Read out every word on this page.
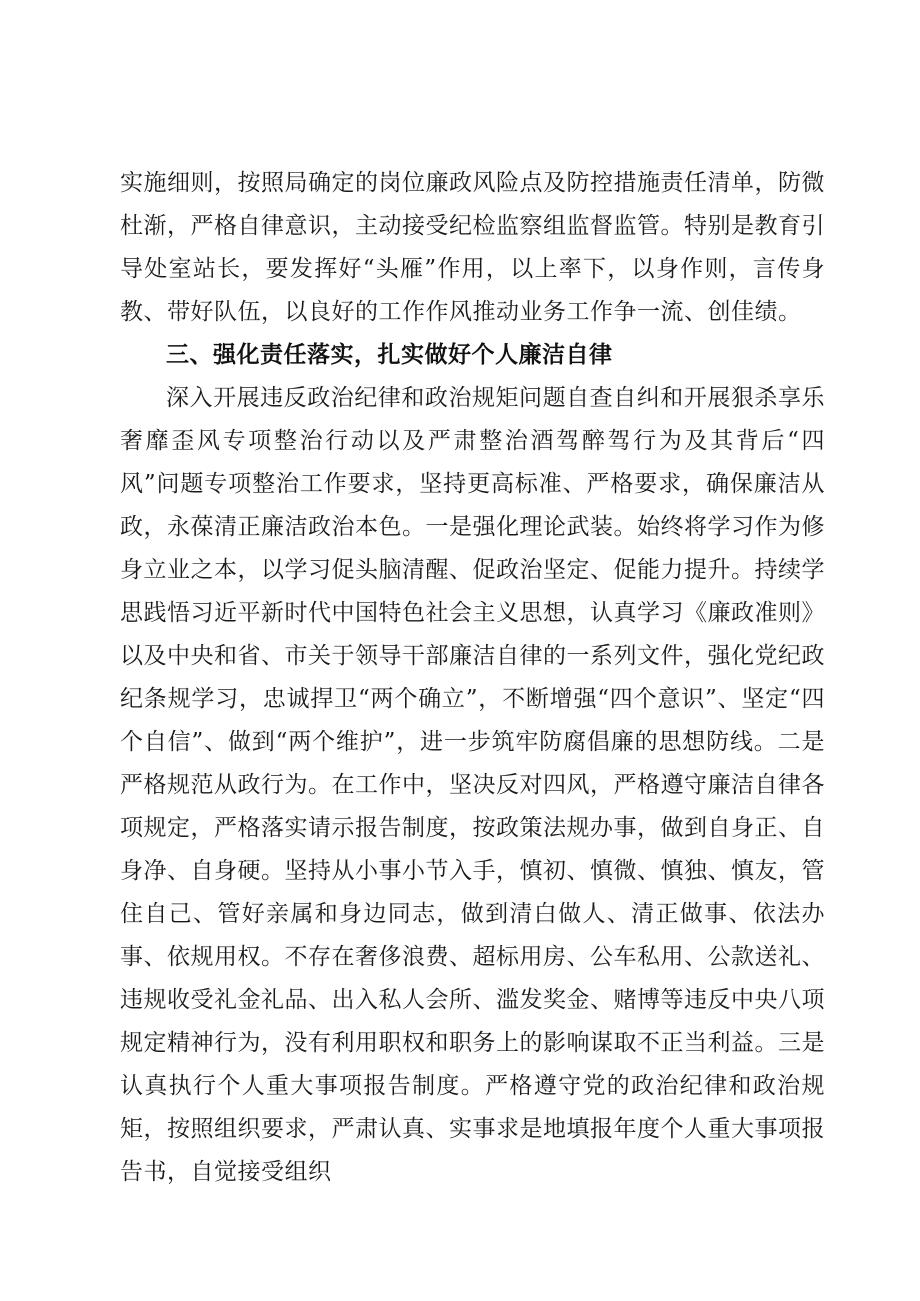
实施细则，按照局确定的岗位廉政风险点及防控措施责任清单，防微杜渐，严格自律意识，主动接受纪检监察组监督监管。特别是教育引导处室站长，要发挥好“头雁”作用，以上率下，以身作则，言传身教、带好队伍，以良好的工作作风推动业务工作争一流、创佳绩。

三、强化责任落实，扎实做好个人廉洁自律

深入开展违反政治纪律和政治规矩问题自查自纠和开展狠杀享乐奢靡歪风专项整治行动以及严肃整治酒驾醉驾行为及其背后“四风”问题专项整治工作要求，坚持更高标准、严格要求，确保廉洁从政，永葆清正廉洁政治本色。一是强化理论武装。始终将学习作为修身立业之本，以学习促头脑清醒、促政治坚定、促能力提升。持续学思践悟习近平新时代中国特色社会主义思想，认真学习《廉政准则》以及中央和省、市关于领导干部廉洁自律的一系列文件，强化党纪政纪条规学习，忠诚捍卫“两个确立”，不断增强“四个意识”、坚定“四个自信”、做到“两个维护”，进一步筑牢防腐倡廉的思想防线。二是严格规范从政行为。在工作中，坚决反对四风，严格遵守廉洁自律各项规定，严格落实请示报告制度，按政策法规办事，做到自身正、自身净、自身硬。坚持从小事小节入手，慎初、慎微、慎独、慎友，管住自己、管好亲属和身边同志，做到清白做人、清正做事、依法办事、依规用权。不存在奢侈浪费、超标用房、公车私用、公款送礼、违规收受礼金礼品、出入私人会所、滥发奖金、赌博等违反中央八项规定精神行为，没有利用职权和职务上的影响谋取不正当利益。三是认真执行个人重大事项报告制度。严格遵守党的政治纪律和政治规矩，按照组织要求，严肃认真、实事求是地填报年度个人重大事项报告书，自觉接受组织
